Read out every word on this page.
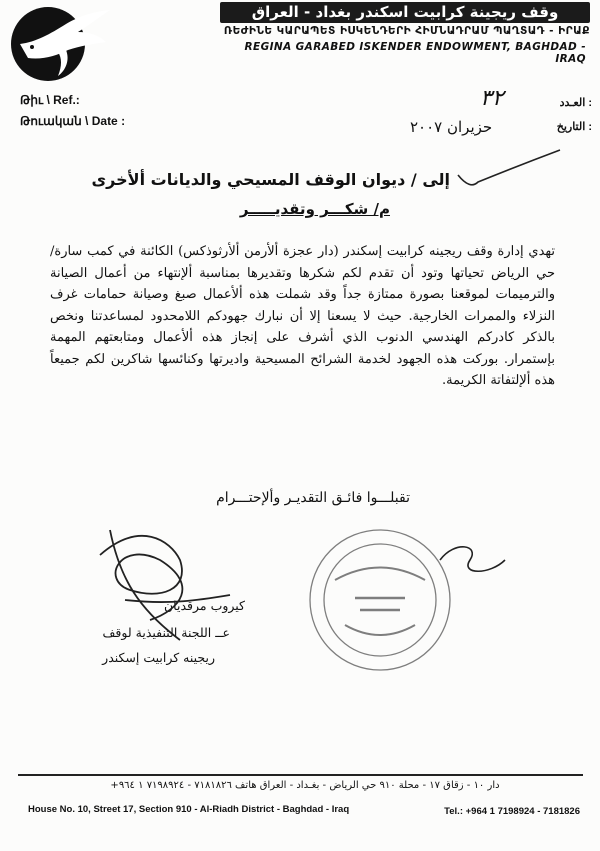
وقف ريجينة كرابيت اسكندر بغداد - العراق
ՌԵԺԻՆԵ ԿԱՐԱՊԵՏ ԻՍԿԵՆԴԵՐԻ ՀԻՄՆԱԴՐԱՄ ՊԱՂՏԱԴ - ԻՐԱՔ
REGINA GARABED ISKENDER ENDOWMENT, BAGHDAD - IRAQ
Թիւ \ Ref.:
Թուական \ Date :
: العـدد
: التاريخ
٣٢
حزيران ٢٠٠٧
إلى / ديوان الوقف المسيحي والديانات ألأخرى
م/ شكـــر وتقديـــــر

تهدي إدارة وقف ريجينه كرابيت إسكندر (دار عجزة ألأرمن ألأرثوذكس) الكائنة في كمب سارة/ حي الرياض تحياتها وتود أن تقدم لكم شكرها وتقديرها بمناسبة ألإنتهاء من أعمال الصيانة والترميمات لموقعنا بصورة ممتازة جداً وقد شملت هذه ألأعمال صبغ وصيانة حمامات غرف النزلاء والممرات الخارجية. حيث لا يسعنا إلا أن نبارك جهودكم اللامحدود لمساعدتنا ونخص بالذكر كادركم الهندسي الدنوب الذي أشرف على إنجاز هذه ألأعمال ومتابعتهم المهمة بإستمرار. بوركت هذه الجهود لخدمة الشرائح المسيحية واديرتها وكنائسها شاكرين لكم جميعاً هذه ألإلتفاتة الكريمة.

تقبلـــوا فائـق التقديـر وألإحتـــرام
كيروب مرقديان
عــ اللجنة التنفيذية لوقف
ريجينه كرابيت إسكندر
دار ١٠ - زقاق ١٧ - محلة ٩١٠ حي الرياض - بغـداد - العراق هاتف ٧١٨١٨٢٦ - ٧١٩٨٩٢٤ ١ ٩٦٤+
House No. 10, Street 17, Section 910 - Al-Riadh District - Baghdad - Iraq	Tel.: +964 1 7198924 - 7181826
